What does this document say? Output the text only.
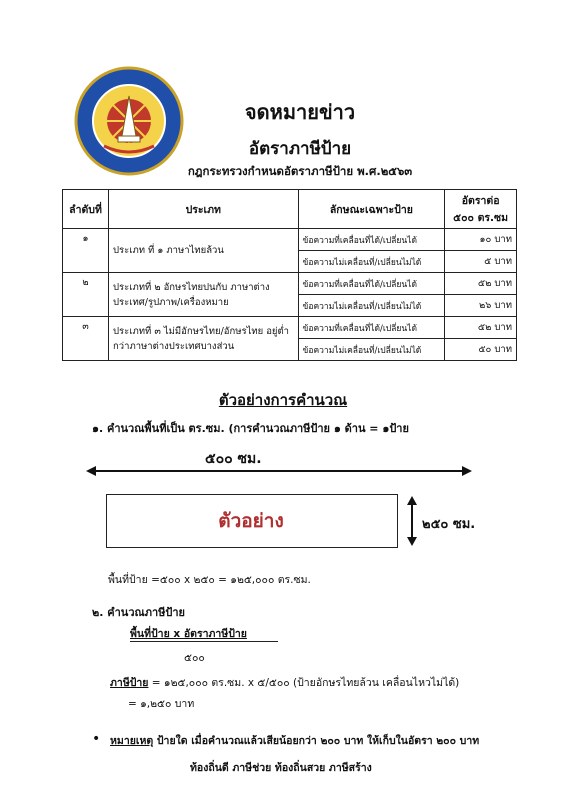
จดหมายข่าว
อัตราภาษีป้าย
กฎกระทรวงกำหนดอัตราภาษีป้าย พ.ศ.๒๕๖๓
ลำดับที่	ประเภท	ลักษณะเฉพาะป้าย	อัตราต่อ
๕๐๐ ตร.ซม
๑	ประเภท ที่ ๑ ภาษาไทยล้วน	ข้อความที่เคลื่อนที่ได้/เปลี่ยนได้	๑๐ บาท
		ข้อความไม่เคลื่อนที่/เปลี่ยนไม่ได้	๕ บาท
๒	ประเภทที่ ๒ อักษรไทยปนกับ ภาษาต่างประเทศ/รูปภาพ/เครื่องหมาย	ข้อความที่เคลื่อนที่ได้/เปลี่ยนได้	๕๒ บาท
		ข้อความไม่เคลื่อนที่/เปลี่ยนไม่ได้	๒๖ บาท
๓	ประเภทที่ ๓ ไม่มีอักษรไทย/อักษรไทย อยู่ต่ำกว่าภาษาต่างประเทศบางส่วน	ข้อความที่เคลื่อนที่ได้/เปลี่ยนได้	๕๒ บาท
		ข้อความไม่เคลื่อนที่/เปลี่ยนไม่ได้	๕๐ บาท
ตัวอย่างการคำนวณ
๑. คำนวณพื้นที่เป็น ตร.ซม. (การคำนวณภาษีป้าย ๑ ด้าน = ๑ป้าย
๕๐๐ ซม.
ตัวอย่าง	๒๕๐ ซม.
พื้นที่ป้าย =๕๐๐ x ๒๕๐ = ๑๒๕,๐๐๐ ตร.ซม.
๒. คำนวณภาษีป้าย
พื้นที่ป้าย x อัตราภาษีป้าย
๕๐๐
ภาษีป้าย = ๑๒๕,๐๐๐ ตร.ซม. x ๕/๕๐๐ (ป้ายอักษรไทยล้วน เคลื่อนไหวไม่ได้)
= ๑,๒๕๐ บาท
• หมายเหตุ ป้ายใด เมื่อคำนวณแล้วเสียน้อยกว่า ๒๐๐ บาท ให้เก็บในอัตรา ๒๐๐ บาท
ท้องถิ่นดี ภาษีช่วย ท้องถิ่นสวย ภาษีสร้าง
